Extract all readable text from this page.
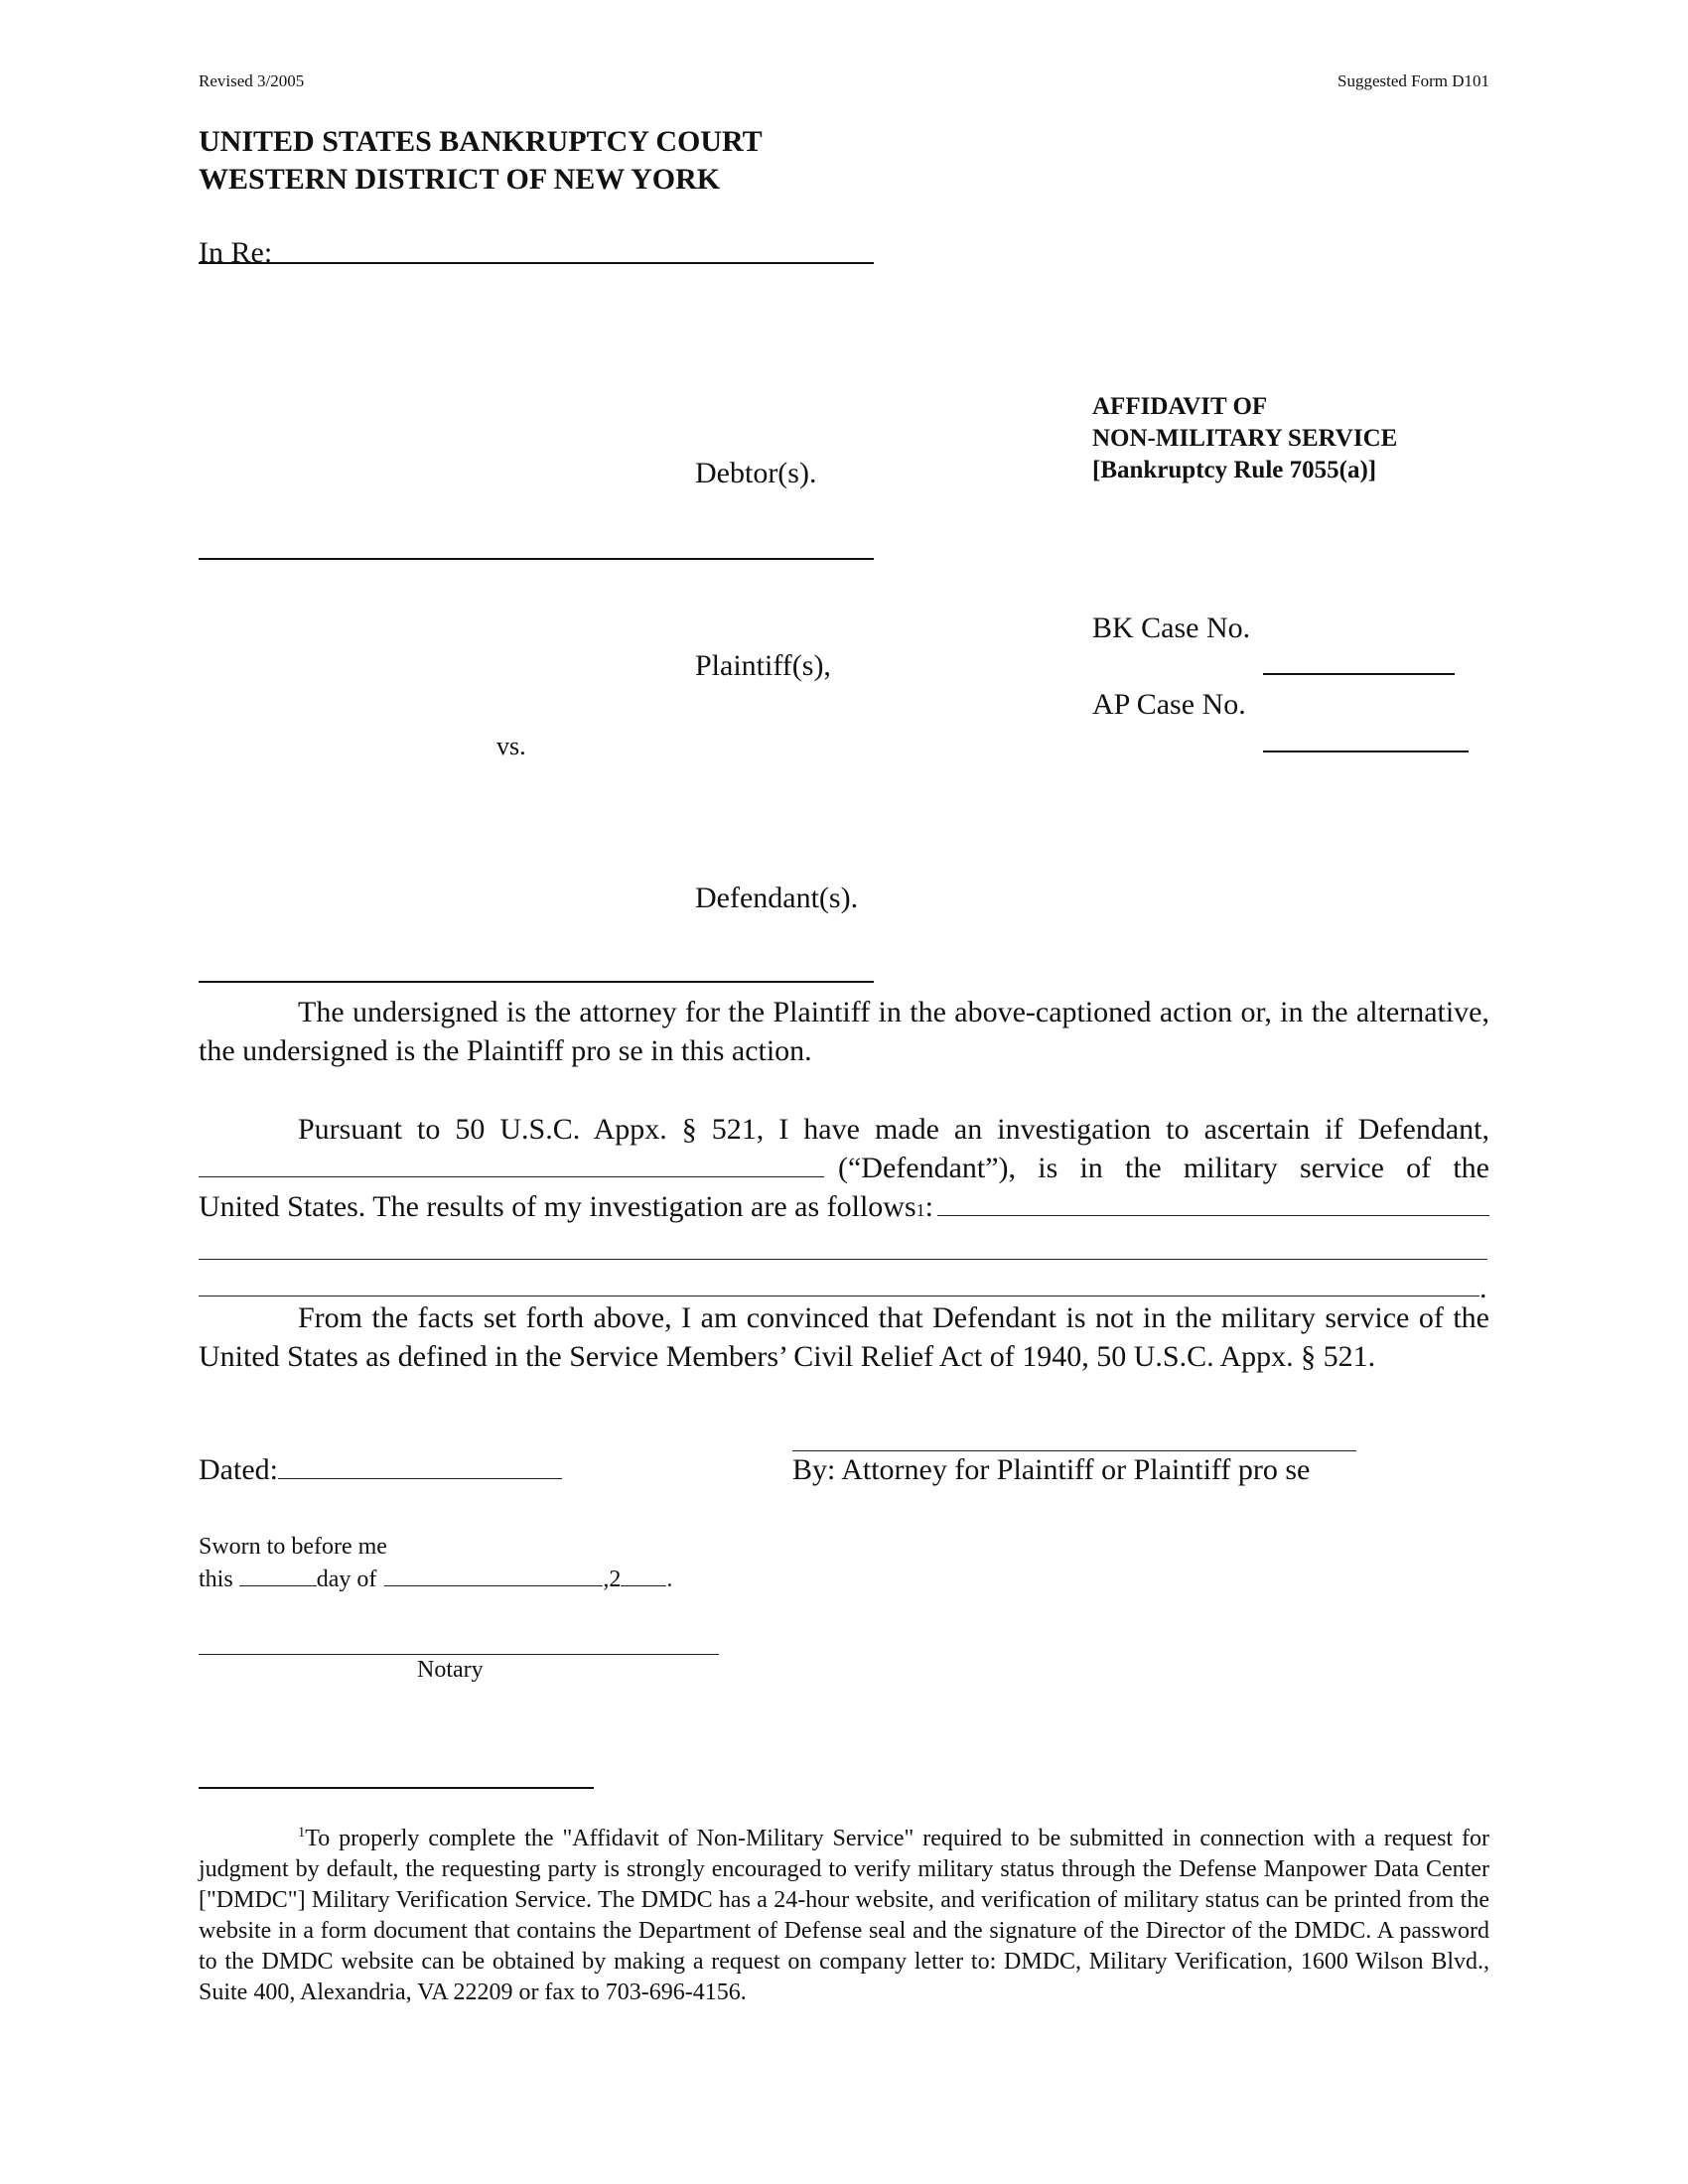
Revised 3/2005	Suggested Form D101
UNITED STATES BANKRUPTCY COURT
WESTERN DISTRICT OF NEW YORK
In Re:
AFFIDAVIT OF
NON-MILITARY SERVICE
[Bankruptcy Rule 7055(a)]
Debtor(s).
BK Case No.
AP Case No.
Plaintiff(s),
vs.
Defendant(s).
The undersigned is the attorney for the Plaintiff in the above-captioned action or, in the alternative, the undersigned is the Plaintiff pro se in this action.
Pursuant to 50 U.S.C. Appx. § 521, I have made an investigation to ascertain if Defendant,
(“Defendant”), is in the military service of the
United States. The results of my investigation are as follows 1 :
.
From the facts set forth above, I am convinced that Defendant is not in the military service of the United States as defined in the Service Members’ Civil Relief Act of 1940, 50 U.S.C. Appx. § 521.
Dated:	By: Attorney for Plaintiff or Plaintiff pro se
Sworn to before me
this	day of	,2 .
Notary
$^1$To properly complete the "Affidavit of Non-Military Service" required to be submitted in connection with a request for judgment by default, the requesting party is strongly encouraged to verify military status through the Defense Manpower Data Center ["DMDC"] Military Verification Service. The DMDC has a 24-hour website, and verification of military status can be printed from the website in a form document that contains the Department of Defense seal and the signature of the Director of the DMDC. A password to the DMDC website can be obtained by making a request on company letter to: DMDC, Military Verification, 1600 Wilson Blvd., Suite 400, Alexandria, VA 22209 or fax to 703-696-4156.
